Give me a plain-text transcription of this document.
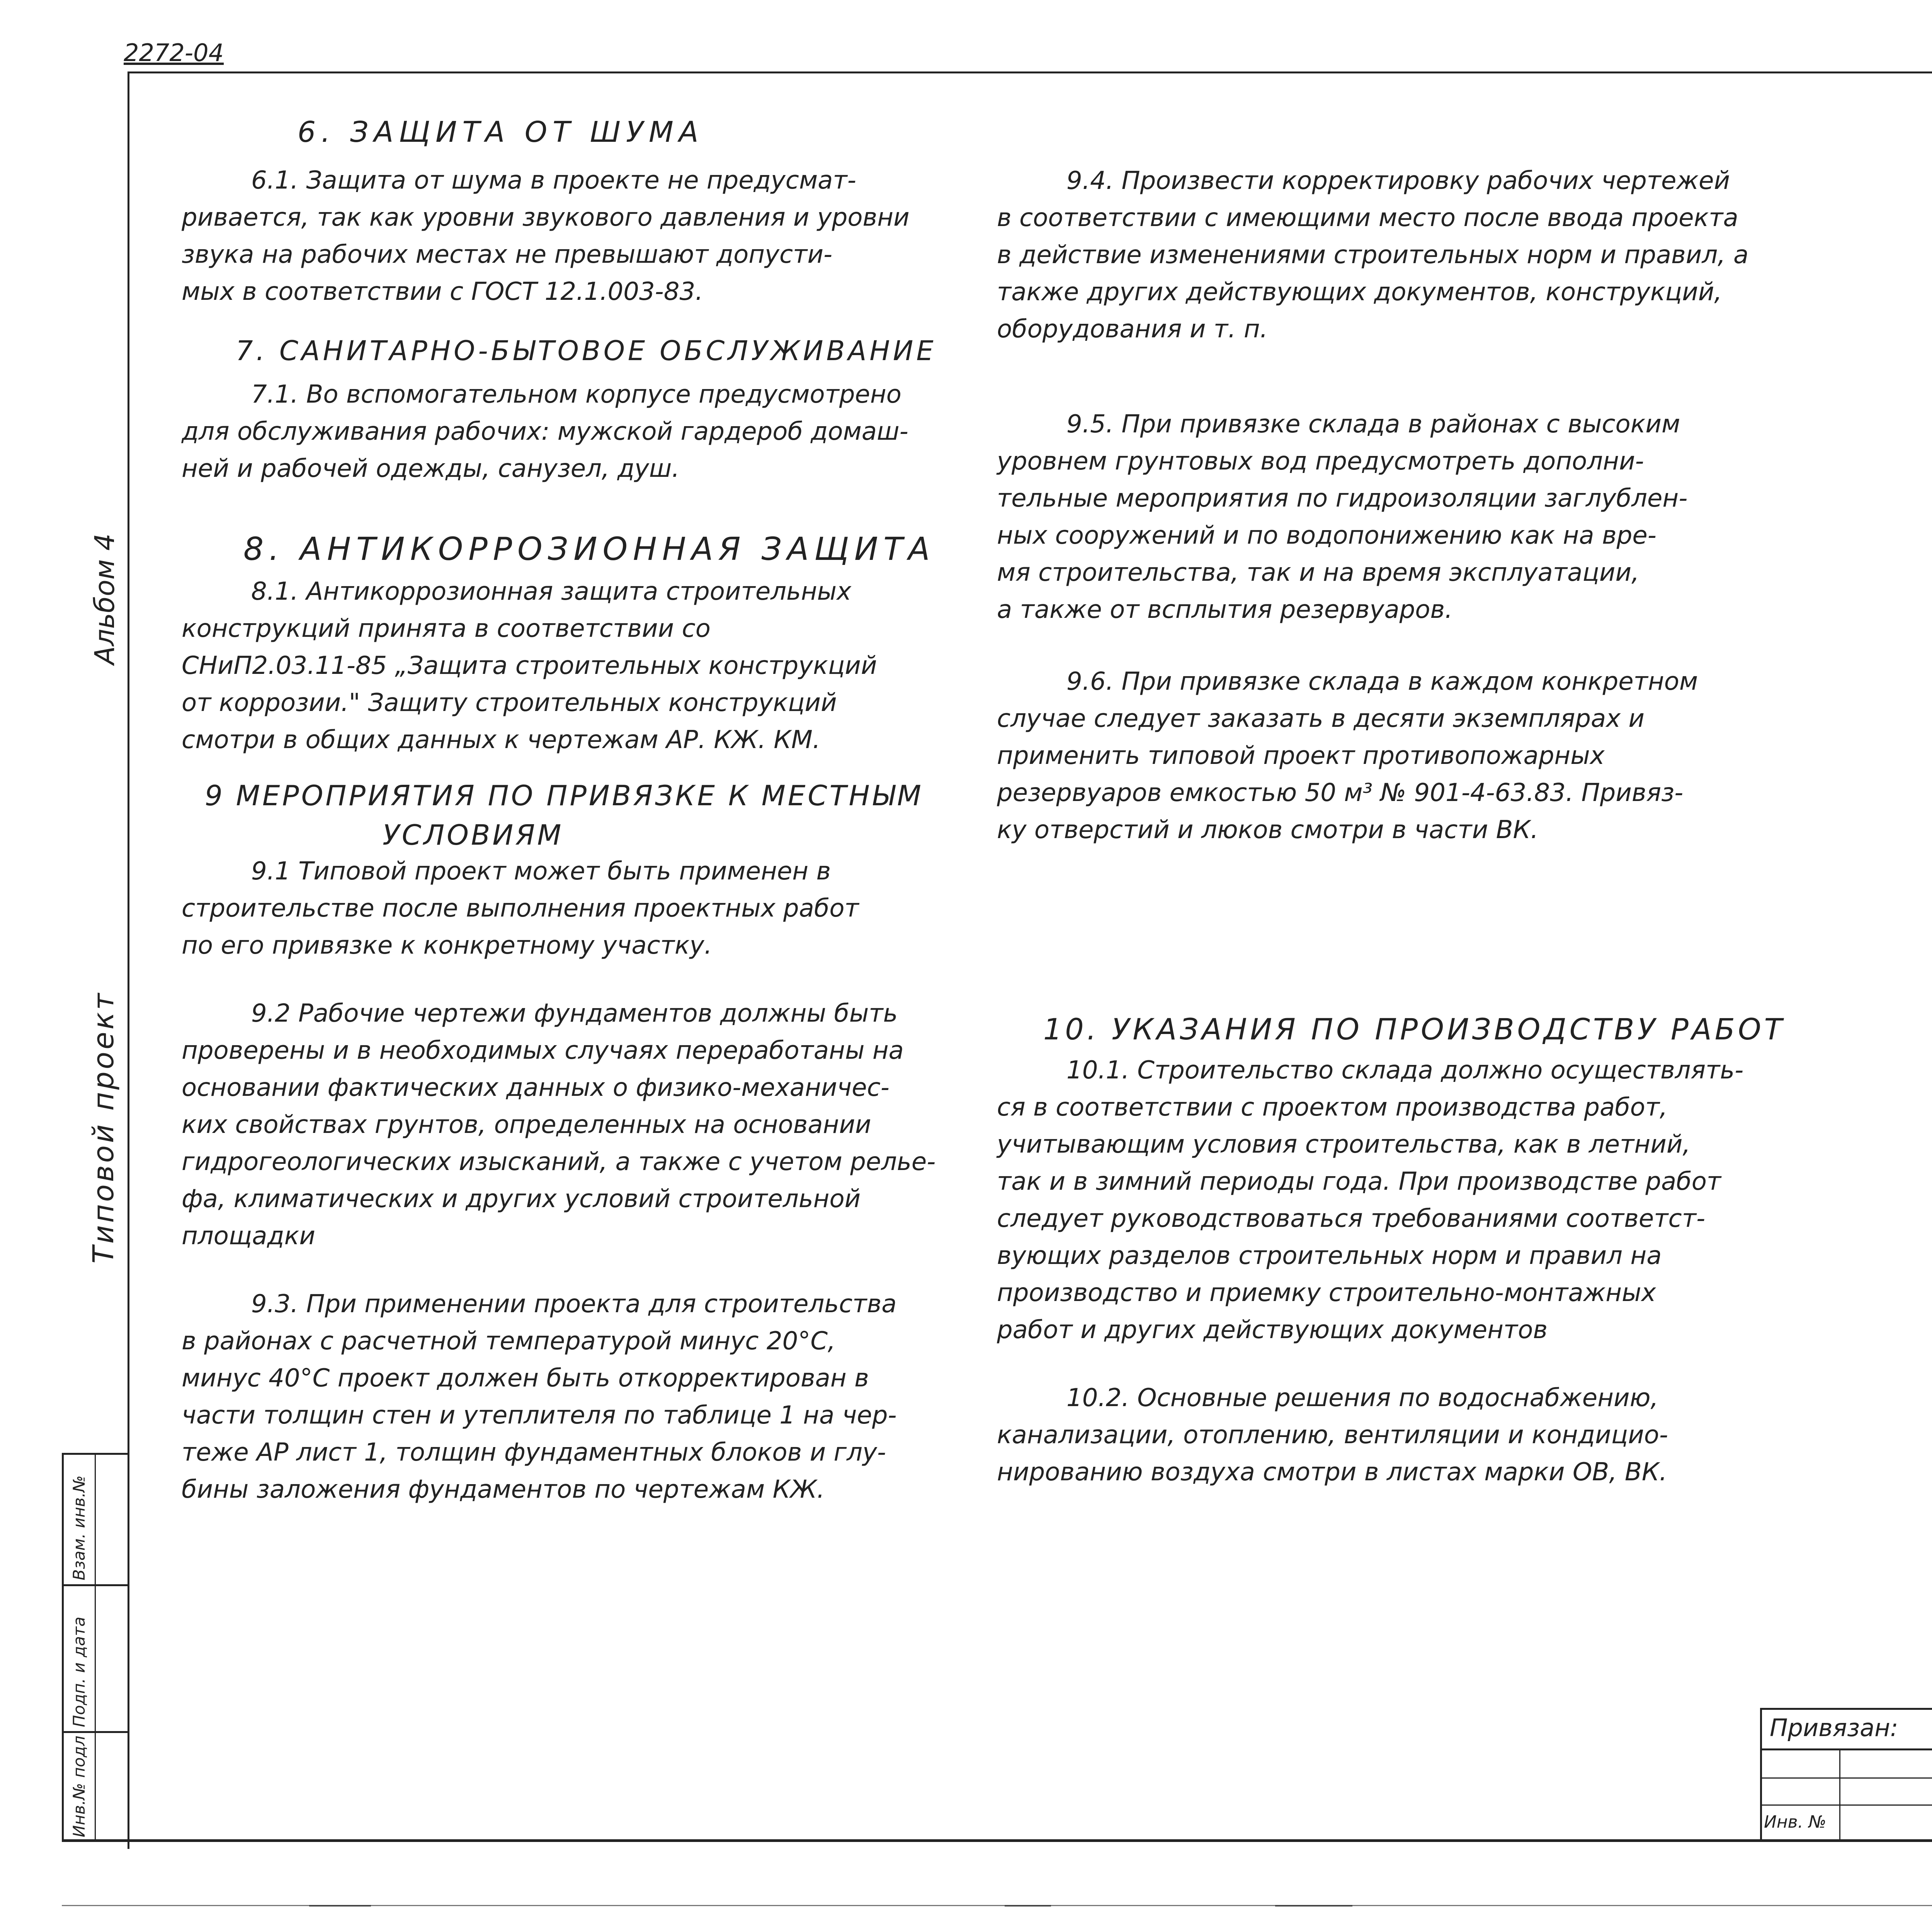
2272-04
Альбом 4
Типовой проект
Инв.№ подл
Подп. и дата
Взам. инв.№

6. ЗАЩИТА ОТ ШУМА

6.1. Защита от шума в проекте не предусмат-
ривается, так как уровни звукового давления и уровни
звука на рабочих местах не превышают допусти-
мых в соответствии с ГОСТ 12.1.003-83.

7. САНИТАРНО-БЫТОВОЕ ОБСЛУЖИВАНИЕ

7.1. Во вспомогательном корпусе предусмотрено
для обслуживания рабочих: мужской гардероб домаш-
ней и рабочей одежды, санузел, душ.

8. АНТИКОРРОЗИОННАЯ ЗАЩИТА

8.1. Антикоррозионная защита строительных
конструкций принята в соответствии со
СНиП2.03.11-85 „Защита строительных конструкций
от коррозии." Защиту строительных конструкций
смотри в общих данных к чертежам АР. КЖ. КМ.

9 МЕРОПРИЯТИЯ ПО ПРИВЯЗКЕ К МЕСТНЫМ

УСЛОВИЯМ

9.1 Типовой проект может быть применен в
строительстве после выполнения проектных работ
по его привязке к конкретному участку.
9.2 Рабочие чертежи фундаментов должны быть
проверены и в необходимых случаях переработаны на
основании фактических данных о физико-механичес-
ких свойствах грунтов, определенных на основании
гидрогеологических изысканий, а также с учетом релье-
фа, климатических и других условий строительной
площадки
9.3. При применении проекта для строительства
в районах с расчетной температурой минус 20°С,
минус 40°С проект должен быть откорректирован в
части толщин стен и утеплителя по таблице 1 на чер-
теже АР лист 1, толщин фундаментных блоков и глу-
бины заложения фундаментов по чертежам КЖ.
9.4. Произвести корректировку рабочих чертежей
в соответствии с имеющими место после ввода проекта
в действие изменениями строительных норм и правил, а
также других действующих документов, конструкций,
оборудования и т. п.
9.5. При привязке склада в районах с высоким
уровнем грунтовых вод предусмотреть дополни-
тельные мероприятия по гидроизоляции заглублен-
ных сооружений и по водопонижению как на вре-
мя строительства, так и на время эксплуатации,
а также от всплытия резервуаров.
9.6. При привязке склада в каждом конкретном
случае следует заказать в десяти экземплярах и
применить типовой проект противопожарных
резервуаров емкостью 50 м³ № 901-4-63.83. Привяз-
ку отверстий и люков смотри в части ВК.

10. УКАЗАНИЯ ПО ПРОИЗВОДСТВУ РАБОТ

10.1. Строительство склада должно осуществлять-
ся в соответствии с проектом производства работ,
учитывающим условия строительства, как в летний,
так и в зимний периоды года. При производстве работ
следует руководствоваться требованиями соответст-
вующих разделов строительных норм и правил на
производство и приемку строительно-монтажных
работ и других действующих документов
10.2. Основные решения по водоснабжению,
канализации, отоплению, вентиляции и кондицио-
нированию воздуха смотри в листах марки ОВ, ВК.
Привязан:
Инв. №
